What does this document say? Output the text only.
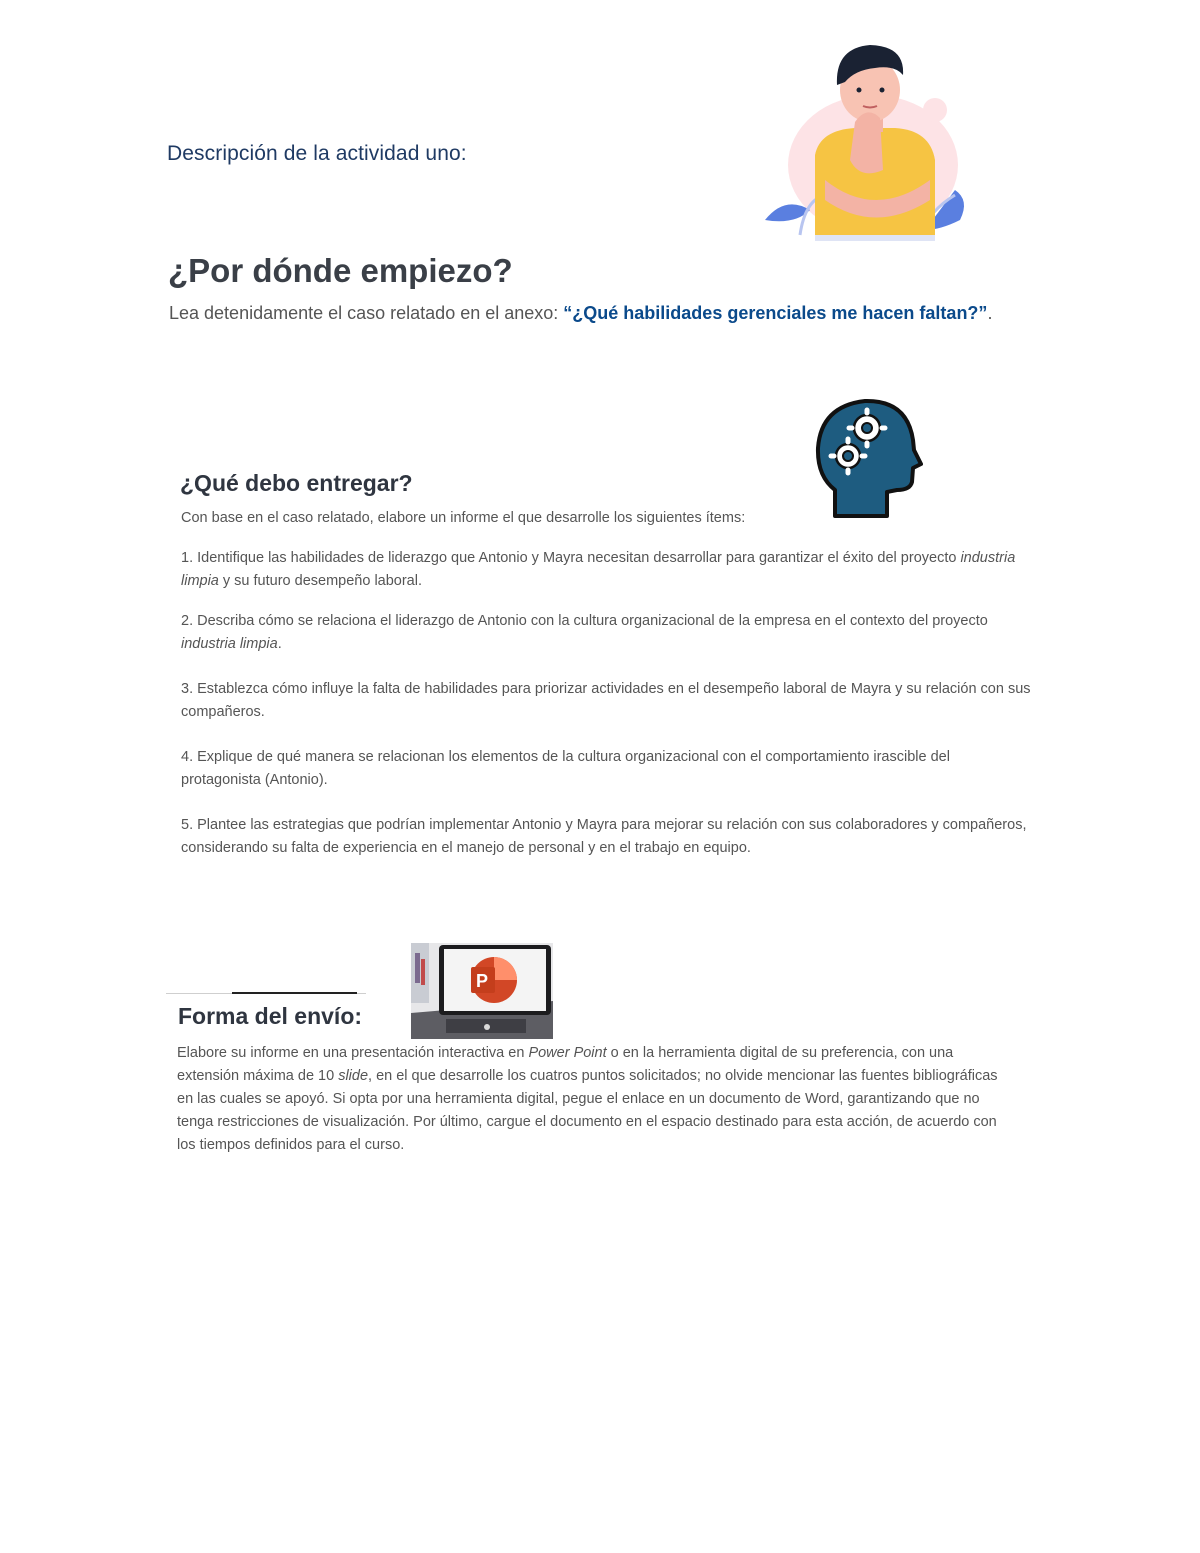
Descripción de la actividad uno:
¿Por dónde empiezo?
Lea detenidamente el caso relatado en el anexo: “¿Qué habilidades gerenciales me hacen faltan?”.
¿Qué debo entregar?
Con base en el caso relatado, elabore un informe el que desarrolle los siguientes ítems:
1. Identifique las habilidades de liderazgo que Antonio y Mayra necesitan desarrollar para garantizar el éxito del proyecto industria limpia y su futuro desempeño laboral.
2. Describa cómo se relaciona el liderazgo de Antonio con la cultura organizacional de la empresa en el contexto del proyecto industria limpia.
3. Establezca cómo influye la falta de habilidades para priorizar actividades en el desempeño laboral de Mayra y su relación con sus compañeros.
4. Explique de qué manera se relacionan los elementos de la cultura organizacional con el comportamiento irascible del protagonista (Antonio).
5. Plantee las estrategias que podrían implementar Antonio y Mayra para mejorar su relación con sus colaboradores y compañeros, considerando su falta de experiencia en el manejo de personal y en el trabajo en equipo.
Forma del envío:
P
Elabore su informe en una presentación interactiva en Power Point o en la herramienta digital de su preferencia, con una extensión máxima de 10 slide, en el que desarrolle los cuatros puntos solicitados; no olvide mencionar las fuentes bibliográficas en las cuales se apoyó. Si opta por una herramienta digital, pegue el enlace en un documento de Word, garantizando que no tenga restricciones de visualización. Por último, cargue el documento en el espacio destinado para esta acción, de acuerdo con los tiempos definidos para el curso.
